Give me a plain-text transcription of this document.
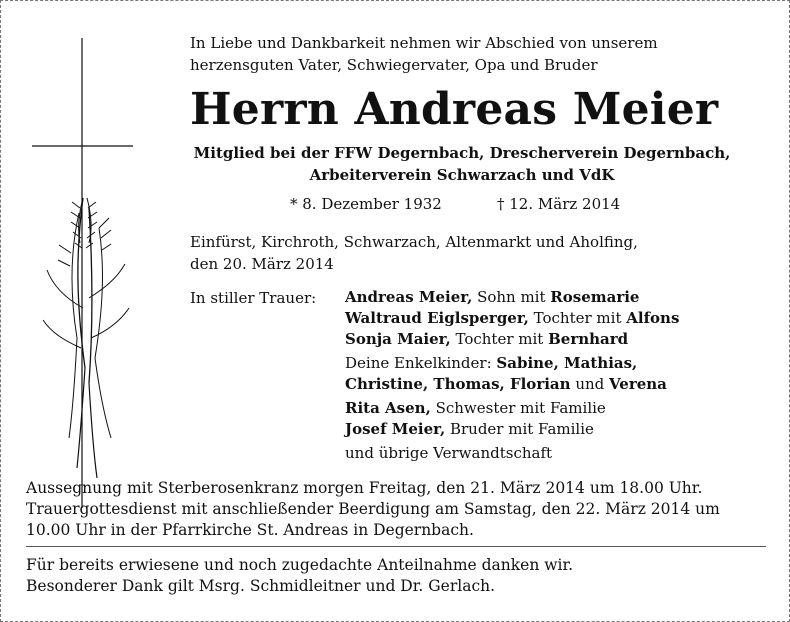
In Liebe und Dankbarkeit nehmen wir Abschied von unserem
herzensguten Vater, Schwiegervater, Opa und Bruder
Herrn Andreas Meier
Mitglied bei der FFW Degernbach, Drescherverein Degernbach,
Arbeiterverein Schwarzach und VdK
* 8. Dezember 1932	† 12. März 2014
Einfürst, Kirchroth, Schwarzach, Altenmarkt und Aholfing,
den 20. März 2014
In stiller Trauer: Andreas Meier, Sohn mit Rosemarie
Waltraud Eiglsperger, Tochter mit Alfons
Sonja Maier, Tochter mit Bernhard
Deine Enkelkinder: Sabine, Mathias,
Christine, Thomas, Florian und Verena
Rita Asen, Schwester mit Familie
Josef Meier, Bruder mit Familie
und übrige Verwandtschaft
Aussegnung mit Sterberosenkranz morgen Freitag, den 21. März 2014 um 18.00 Uhr.
Trauergottesdienst mit anschließender Beerdigung am Samstag, den 22. März 2014 um
10.00 Uhr in der Pfarrkirche St. Andreas in Degernbach.
Für bereits erwiesene und noch zugedachte Anteilnahme danken wir.
Besonderer Dank gilt Msrg. Schmidleitner und Dr. Gerlach.
